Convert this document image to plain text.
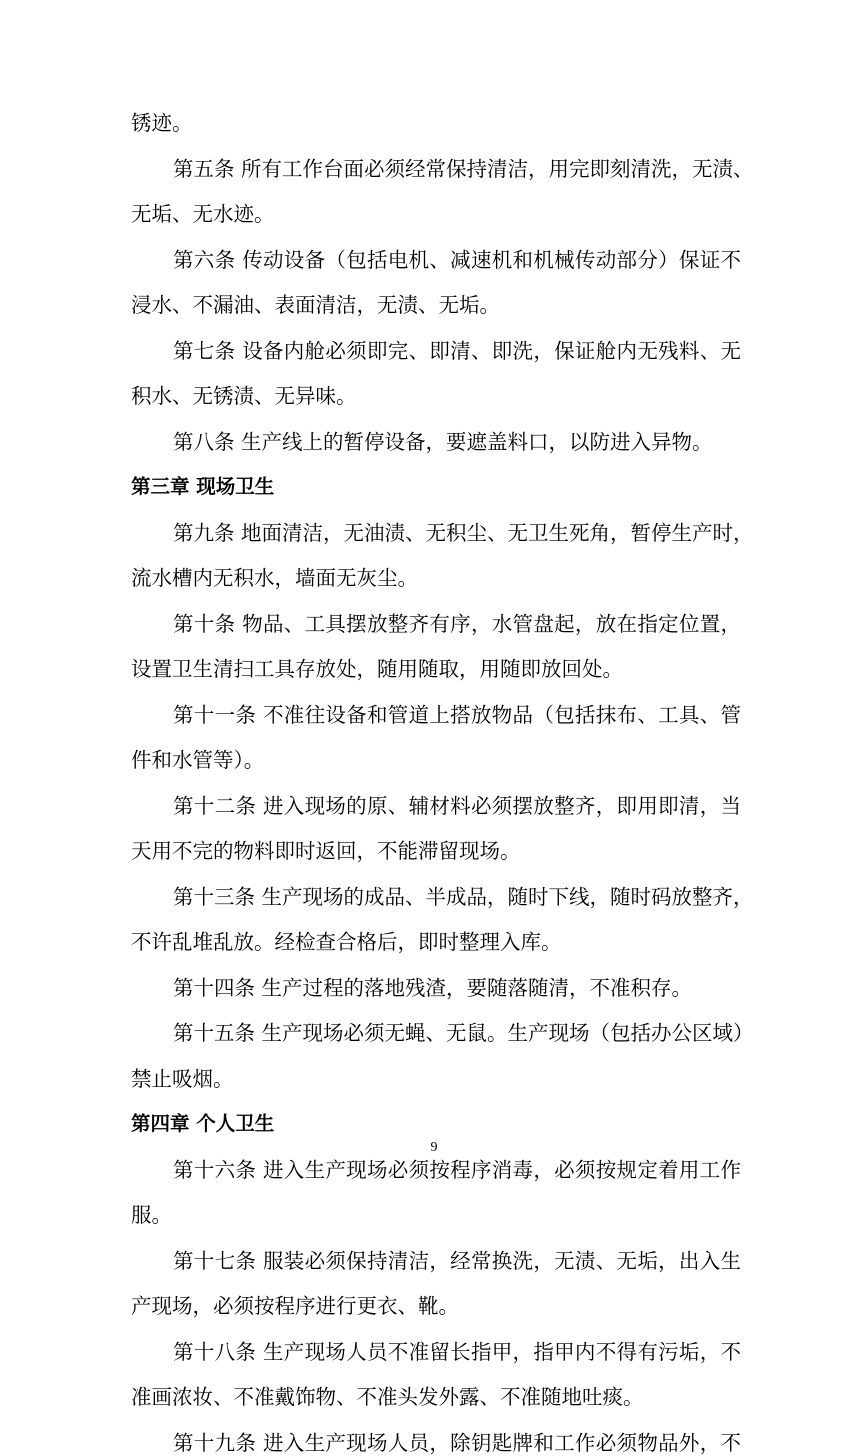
锈迹。
第五条 所有工作台面必须经常保持清洁，用完即刻清洗，无渍、
无垢、无水迹。
第六条 传动设备（包括电机、减速机和机械传动部分）保证不
浸水、不漏油、表面清洁，无渍、无垢。
第七条 设备内舱必须即完、即清、即洗，保证舱内无残料、无
积水、无锈渍、无异味。
第八条 生产线上的暂停设备，要遮盖料口，以防进入异物。
第三章 现场卫生
第九条 地面清洁，无油渍、无积尘、无卫生死角，暂停生产时，
流水槽内无积水，墙面无灰尘。
第十条 物品、工具摆放整齐有序，水管盘起，放在指定位置，
设置卫生清扫工具存放处，随用随取，用随即放回处。
第十一条 不准往设备和管道上搭放物品（包括抹布、工具、管
件和水管等）。
第十二条 进入现场的原、辅材料必须摆放整齐，即用即清，当
天用不完的物料即时返回，不能滞留现场。
第十三条 生产现场的成品、半成品，随时下线，随时码放整齐，
不许乱堆乱放。经检查合格后，即时整理入库。
第十四条 生产过程的落地残渣，要随落随清，不准积存。
第十五条 生产现场必须无蝇、无鼠。生产现场（包括办公区域）
禁止吸烟。
第四章 个人卫生
第十六条 进入生产现场必须按程序消毒，必须按规定着用工作
服。
第十七条 服装必须保持清洁，经常换洗，无渍、无垢，出入生
产现场，必须按程序进行更衣、靴。
第十八条 生产现场人员不准留长指甲，指甲内不得有污垢，不
准画浓妆、不准戴饰物、不准头发外露、不准随地吐痰。
第十九条 进入生产现场人员，除钥匙牌和工作必须物品外，不
9
